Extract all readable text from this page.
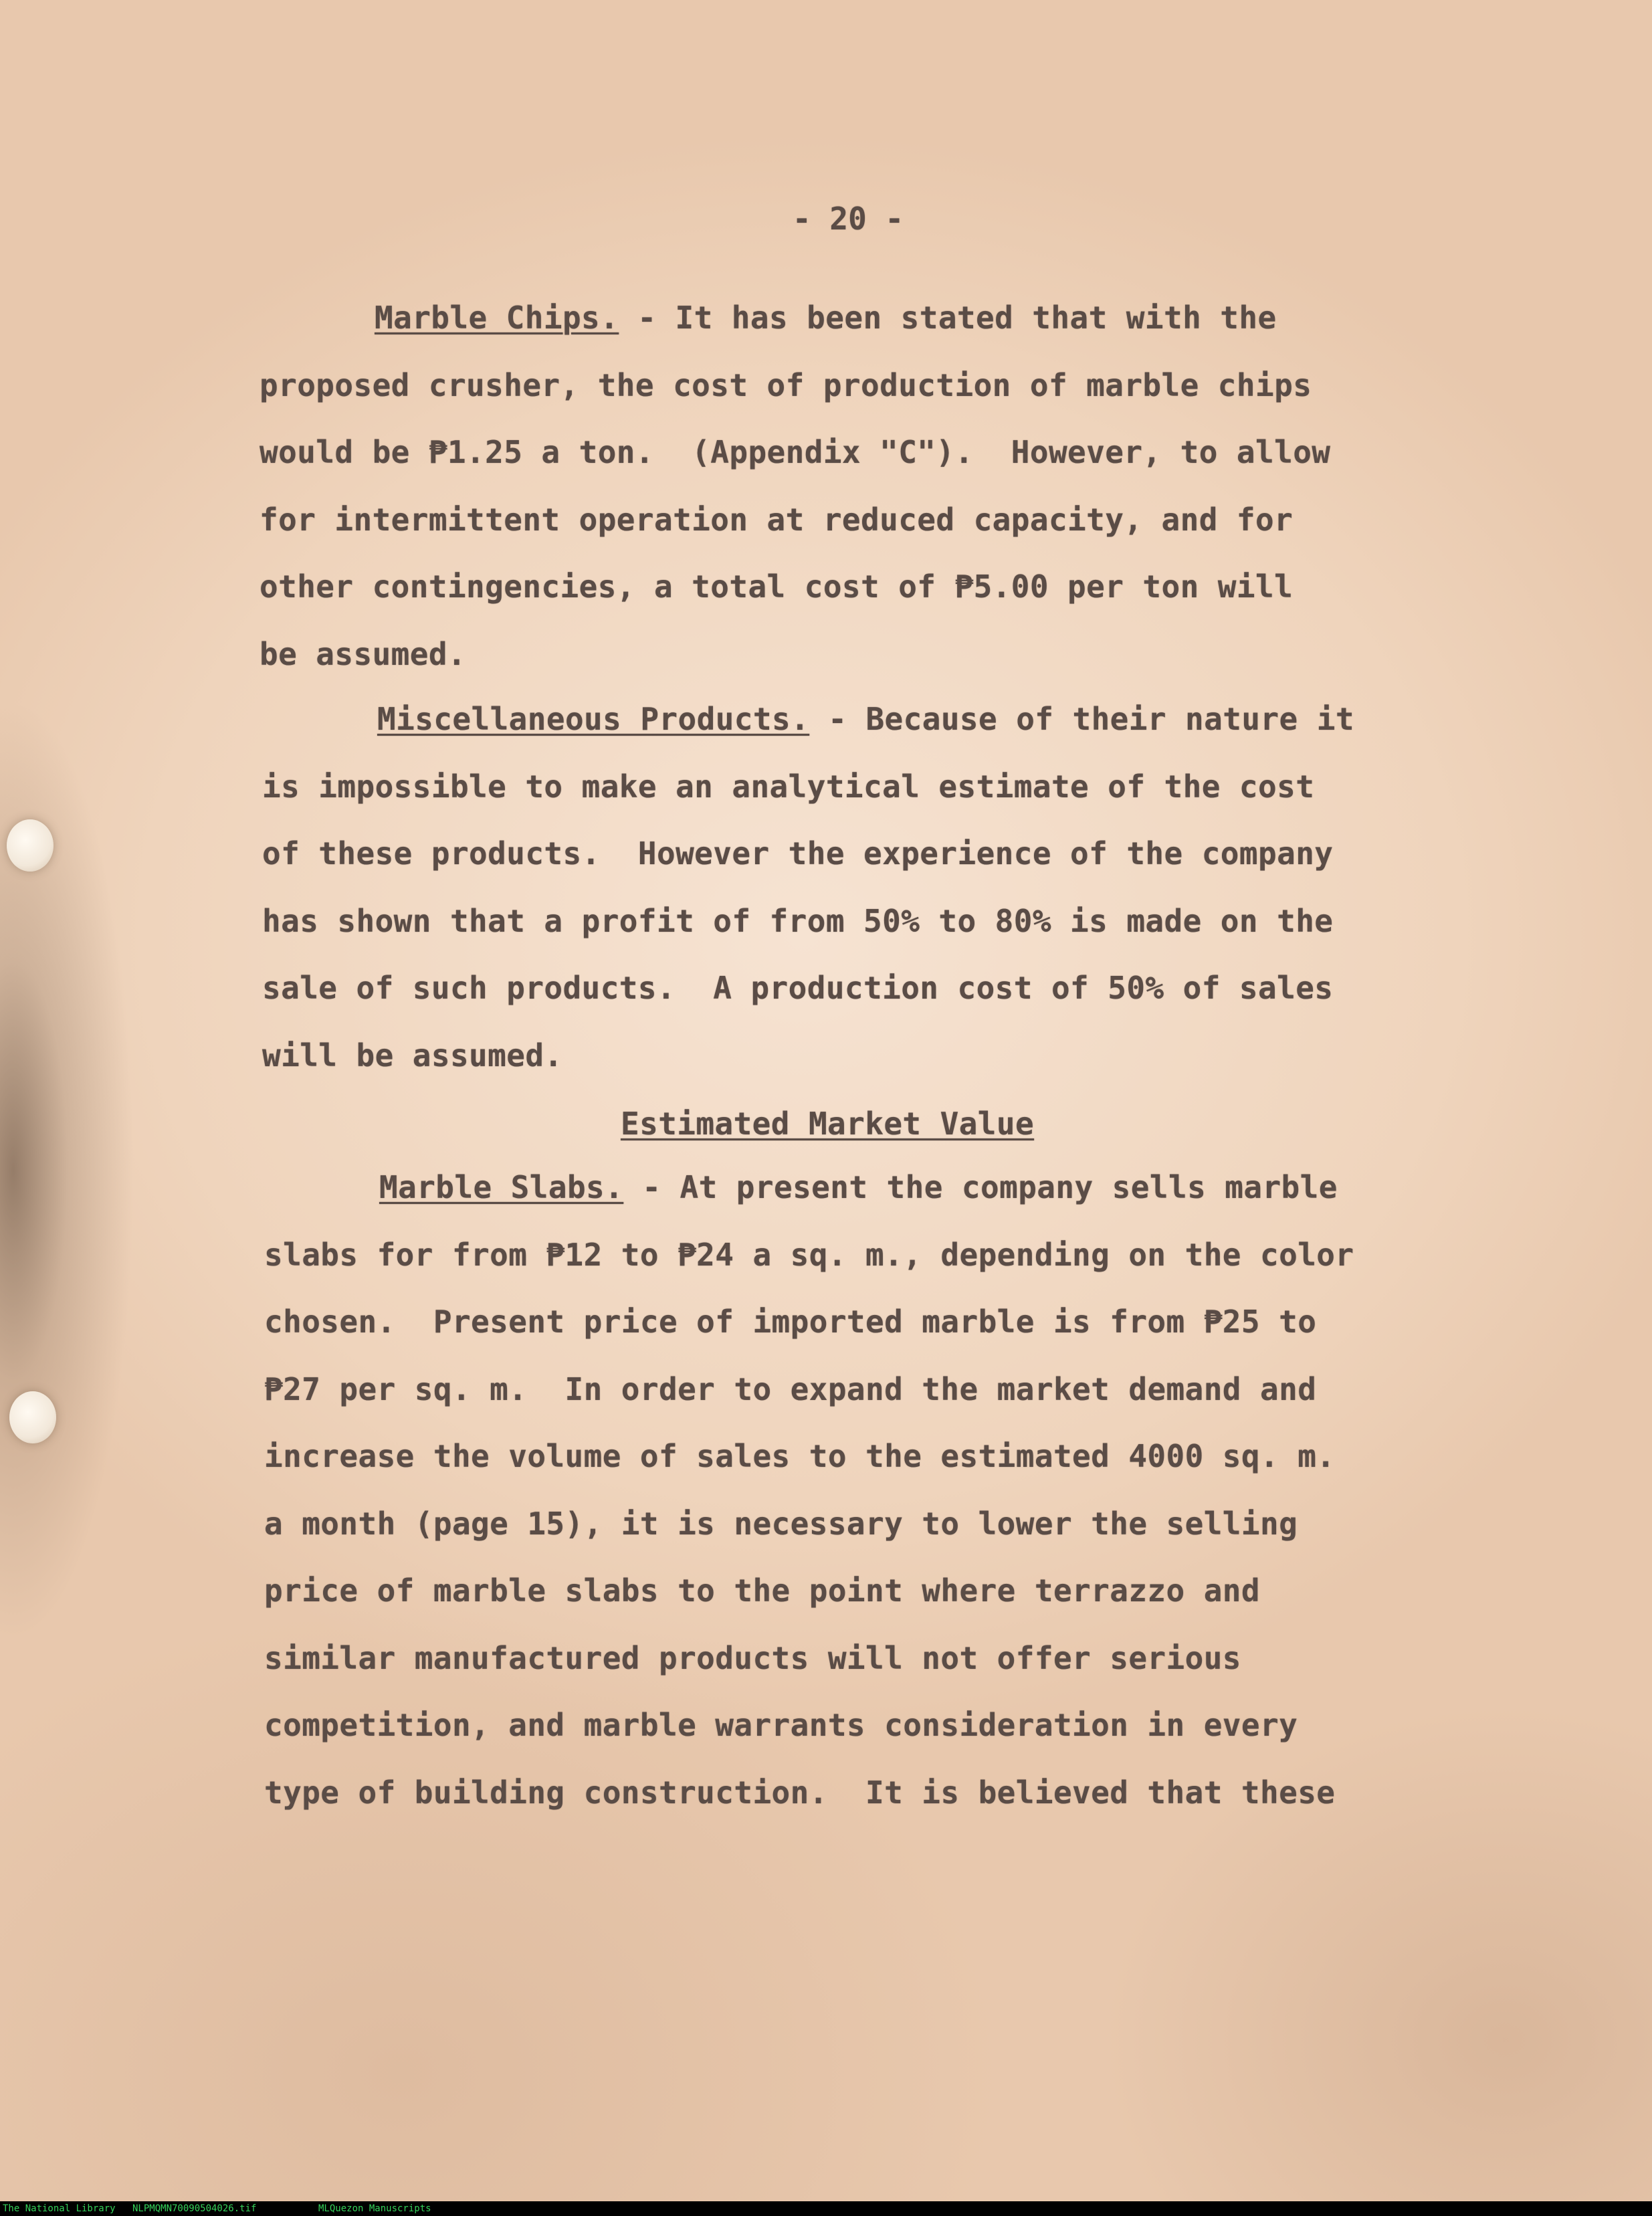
- 20 -
Marble Chips. - It has been stated that with the
proposed crusher, the cost of production of marble chips
would be ₱1.25 a ton.  (Appendix "C").  However, to allow
for intermittent operation at reduced capacity, and for
other contingencies, a total cost of ₱5.00 per ton will
be assumed.
Miscellaneous Products. - Because of their nature it
is impossible to make an analytical estimate of the cost
of these products.  However the experience of the company
has shown that a profit of from 50% to 80% is made on the
sale of such products.  A production cost of 50% of sales
will be assumed.
Estimated Market Value
Marble Slabs. - At present the company sells marble
slabs for from ₱12 to ₱24 a sq. m., depending on the color
chosen.  Present price of imported marble is from ₱25 to
₱27 per sq. m.  In order to expand the market demand and
increase the volume of sales to the estimated 4000 sq. m.
a month (page 15), it is necessary to lower the selling
price of marble slabs to the point where terrazzo and
similar manufactured products will not offer serious
competition, and marble warrants consideration in every
type of building construction.  It is believed that these
The National Library NLPMQMN70090504026.tif	MLQuezon Manuscripts
